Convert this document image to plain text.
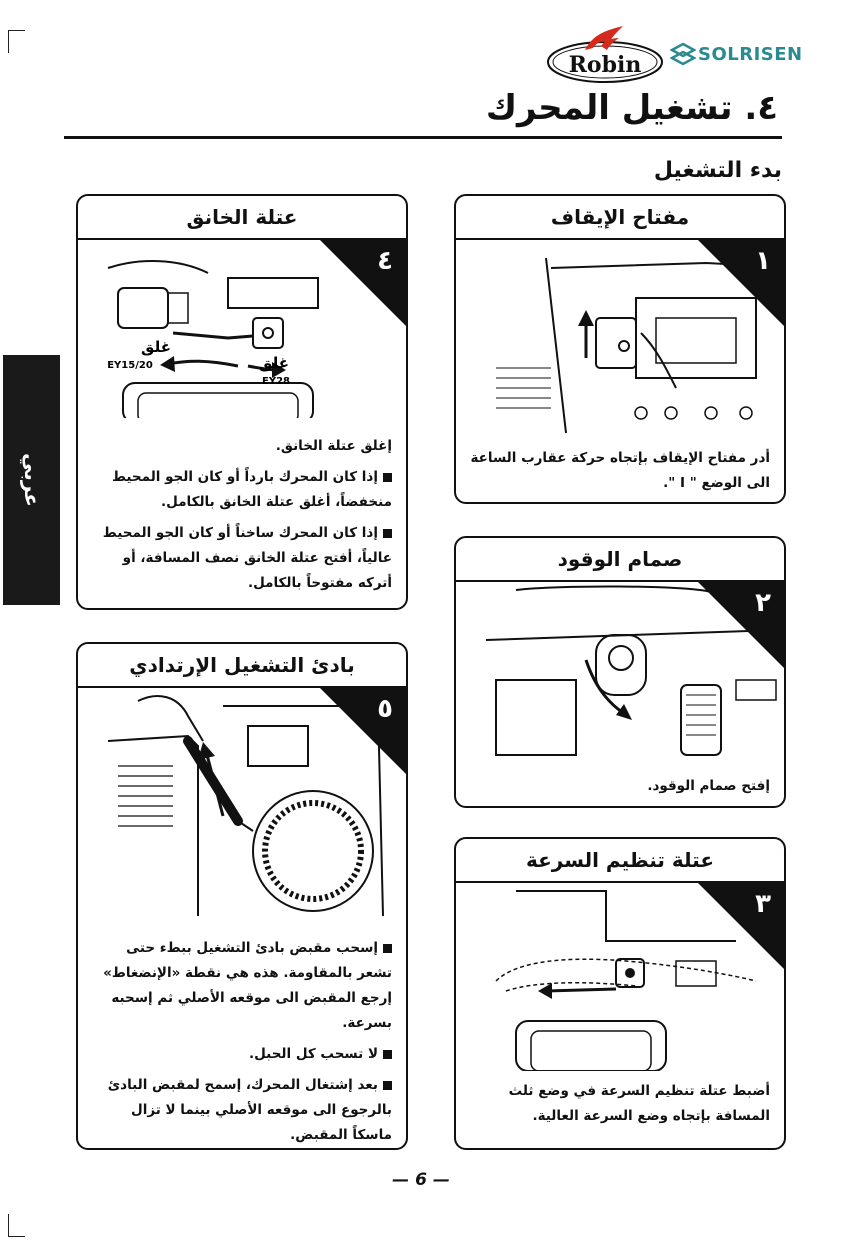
Robin	SOLRISEN
٤. تشغيل المحرك
بدء التشغيل
عربي
مفتاح الإيقاف
١
أدر مفتاح الإيقاف بإتجاه حركة عقارب الساعة الى الوضع " I ".
صمام الوقود
٢
إفتح صمام الوقود.
عتلة تنظيم السرعة
٣
أضبط عتلة تنظيم السرعة في وضع ثلث المسافة بإتجاه وضع السرعة العالية.
عتلة الخانق
غلق
EY15/20	غلق
EY28
٤

إغلق عتلة الخانق.

إذا كان المحرك بارداً أو كان الجو المحيط منخفضاً، أغلق عتلة الخانق بالكامل.

إذا كان المحرك ساخناً أو كان الجو المحيط عالياً، أفتح عتلة الخانق نصف المسافة، أو أتركه مفتوحاً بالكامل.

بادئ التشغيل الإرتدادي
٥

إسحب مقبض بادئ التشغيل ببطء حتى تشعر بالمقاومة. هذه هي نقطة «الإنضغاط» إرجع المقبض الى موقعه الأصلي ثم إسحبه بسرعة.

لا تسحب كل الحبل.

بعد إشتغال المحرك، إسمح لمقبض البادئ بالرجوع الى موقعه الأصلي بينما لا تزال ماسكاً المقبض.

— 6 —
